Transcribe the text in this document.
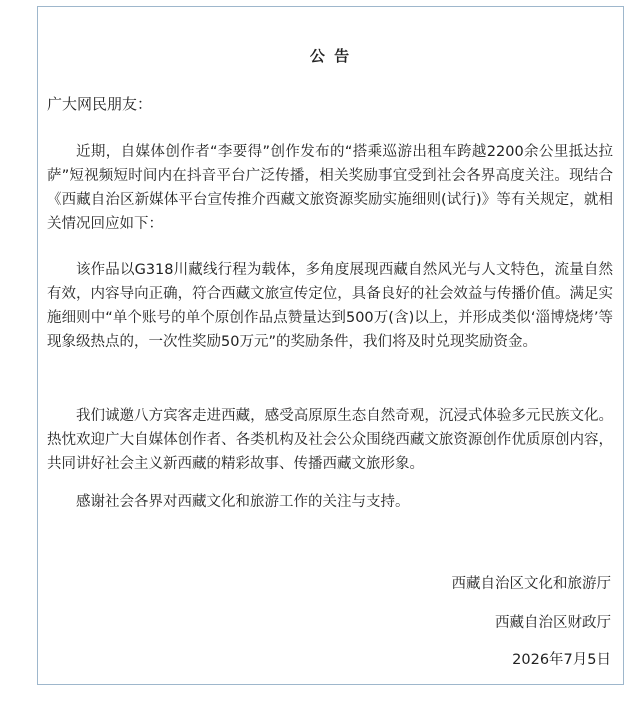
公 告
广大网民朋友：

近期，自媒体创作者“李要得”创作发布的“搭乘巡游出租车跨越2200余公里抵达拉萨”短视频短时间内在抖音平台广泛传播，相关奖励事宜受到社会各界高度关注。现结合《西藏自治区新媒体平台宣传推介西藏文旅资源奖励实施细则(试行)》等有关规定，就相关情况回应如下：

该作品以G318川藏线行程为载体，多角度展现西藏自然风光与人文特色，流量自然有效，内容导向正确，符合西藏文旅宣传定位，具备良好的社会效益与传播价值。满足实施细则中“单个账号的单个原创作品点赞量达到500万(含)以上，并形成类似‘淄博烧烤’等现象级热点的，一次性奖励50万元”的奖励条件，我们将及时兑现奖励资金。

我们诚邀八方宾客走进西藏，感受高原原生态自然奇观，沉浸式体验多元民族文化。热忱欢迎广大自媒体创作者、各类机构及社会公众围绕西藏文旅资源创作优质原创内容，共同讲好社会主义新西藏的精彩故事、传播西藏文旅形象。

感谢社会各界对西藏文化和旅游工作的关注与支持。

西藏自治区文化和旅游厅
西藏自治区财政厅
2026年7月5日
